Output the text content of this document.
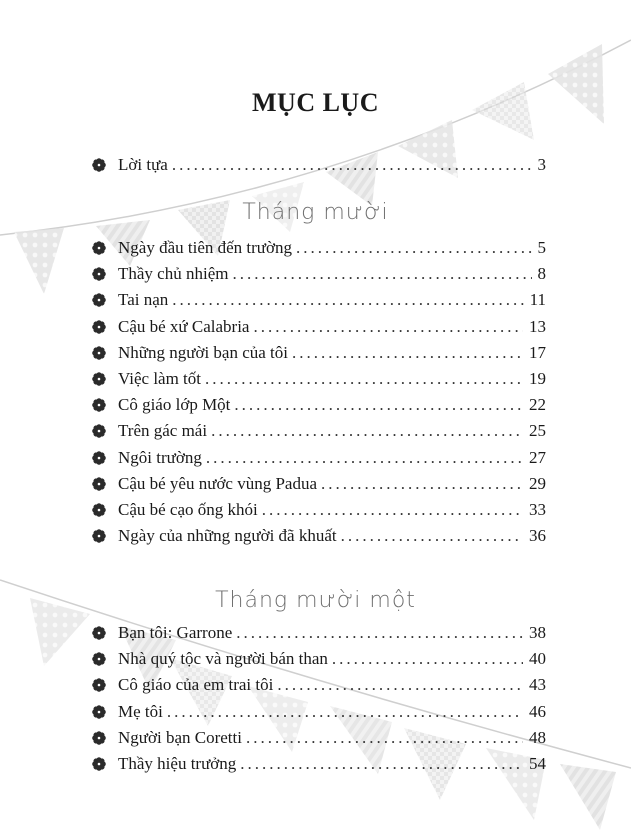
MỤC LỤC
Lời tựa .....	3
Tháng mười
Ngày đầu tiên đến trường .....	5
Thầy chủ nhiệm .....	8
Tai nạn .....	11
Cậu bé xứ Calabria .....	13
Những người bạn của tôi .....	17
Việc làm tốt .....	19
Cô giáo lớp Một .....	22
Trên gác mái .....	25
Ngôi trường .....	27
Cậu bé yêu nước vùng Padua .....	29
Cậu bé cạo ống khói .....	33
Ngày của những người đã khuất .....	36
Tháng mười một
Bạn tôi: Garrone .....	38
Nhà quý tộc và người bán than .....	40
Cô giáo của em trai tôi .....	43
Mẹ tôi .....	46
Người bạn Coretti .....	48
Thầy hiệu trưởng .....	54
